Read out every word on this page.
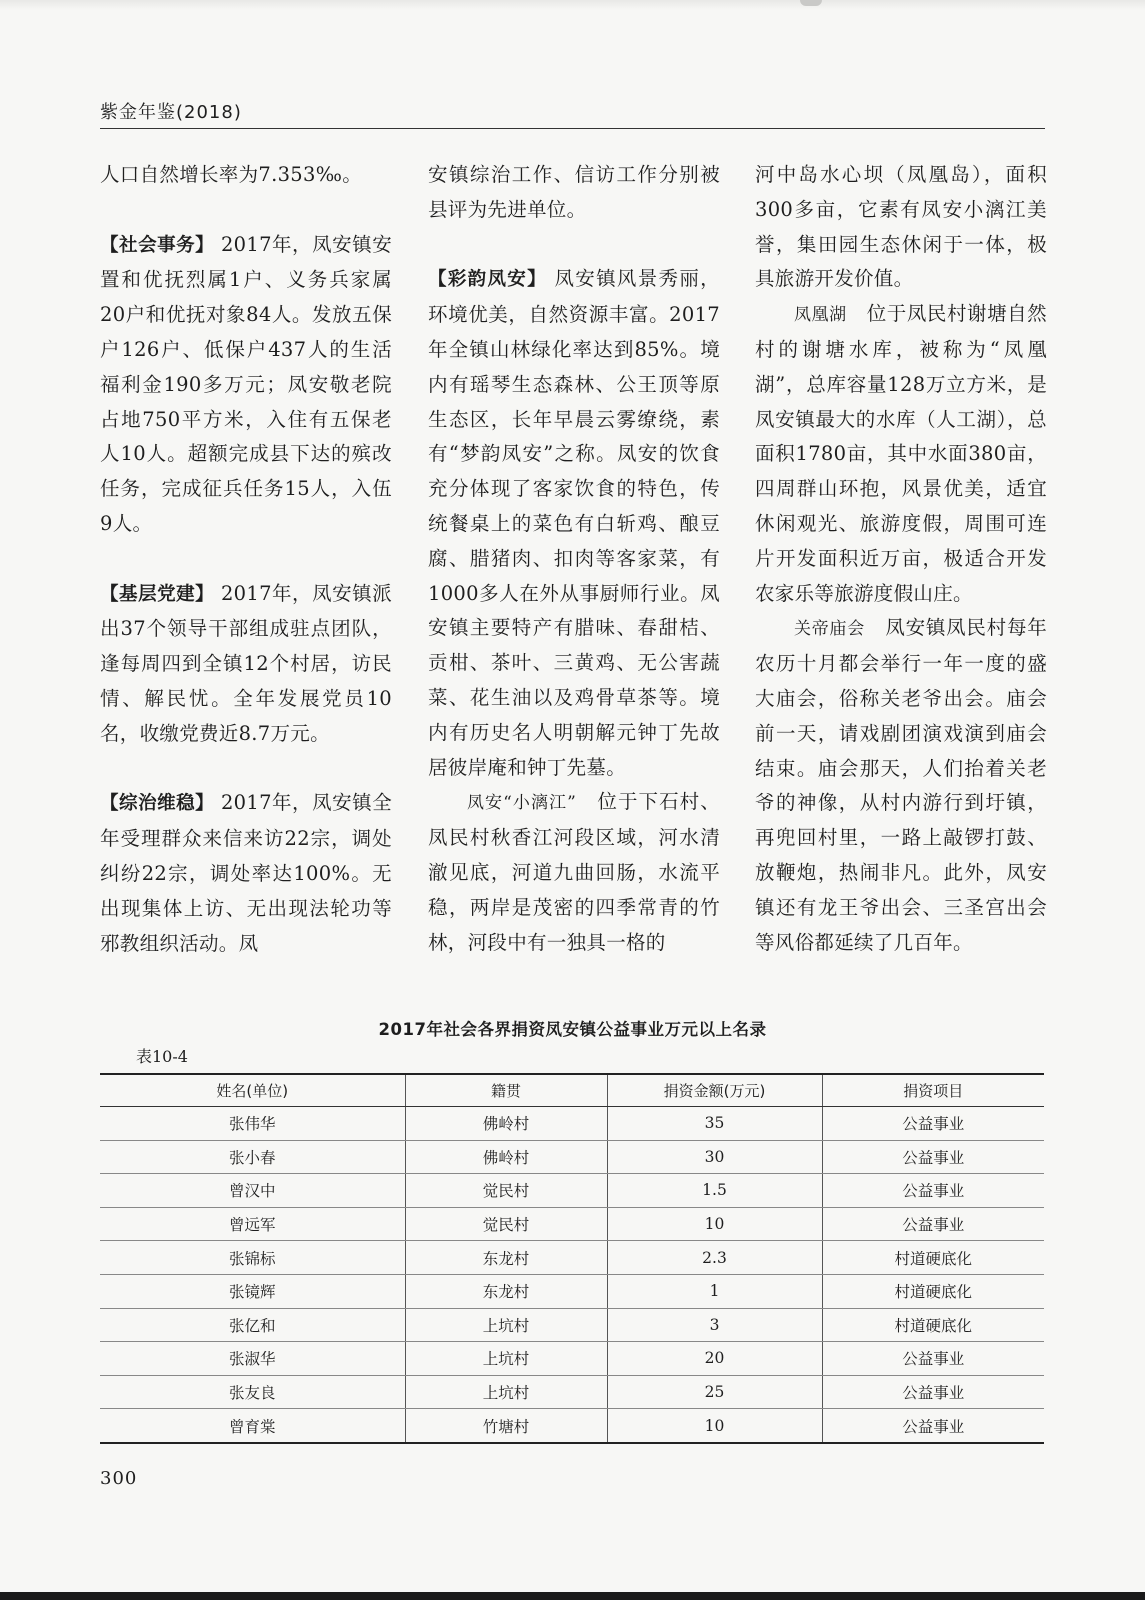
紫金年鉴(2018)

人口自然增长率为7.353‰。

【社会事务】 2017年，凤安镇安置和优抚烈属1户、义务兵家属20户和优抚对象84人。发放五保户126户、低保户437人的生活福利金190多万元；凤安敬老院占地750平方米，入住有五保老人10人。超额完成县下达的殡改任务，完成征兵任务15人，入伍9人。

【基层党建】 2017年，凤安镇派出37个领导干部组成驻点团队，逢每周四到全镇12个村居，访民情、解民忧。全年发展党员10名，收缴党费近8.7万元。

【综治维稳】 2017年，凤安镇全年受理群众来信来访22宗，调处纠纷22宗，调处率达100%。无出现集体上访、无出现法轮功等邪教组织活动。凤

安镇综治工作、信访工作分别被县评为先进单位。

【彩韵凤安】 凤安镇风景秀丽，环境优美，自然资源丰富。2017年全镇山林绿化率达到85%。境内有瑶琴生态森林、公王顶等原生态区，长年早晨云雾缭绕，素有“梦韵凤安”之称。凤安的饮食充分体现了客家饮食的特色，传统餐桌上的菜色有白斩鸡、酿豆腐、腊猪肉、扣肉等客家菜，有1000多人在外从事厨师行业。凤安镇主要特产有腊味、春甜桔、贡柑、茶叶、三黄鸡、无公害蔬菜、花生油以及鸡骨草茶等。境内有历史名人明朝解元钟丁先故居彼岸庵和钟丁先墓。

凤安“小漓江”　位于下石村、凤民村秋香江河段区域，河水清澈见底，河道九曲回肠，水流平稳，两岸是茂密的四季常青的竹林，河段中有一独具一格的

河中岛水心坝（凤凰岛），面积300多亩，它素有凤安小漓江美誉，集田园生态休闲于一体，极具旅游开发价值。

凤凰湖　位于凤民村谢塘自然村的谢塘水库，被称为“凤凰湖”，总库容量128万立方米，是凤安镇最大的水库（人工湖），总面积1780亩，其中水面380亩，四周群山环抱，风景优美，适宜休闲观光、旅游度假，周围可连片开发面积近万亩，极适合开发农家乐等旅游度假山庄。

关帝庙会　凤安镇凤民村每年农历十月都会举行一年一度的盛大庙会，俗称关老爷出会。庙会前一天，请戏剧团演戏演到庙会结束。庙会那天，人们抬着关老爷的神像，从村内游行到圩镇，再兜回村里，一路上敲锣打鼓、放鞭炮，热闹非凡。此外，凤安镇还有龙王爷出会、三圣宫出会等风俗都延续了几百年。

2017年社会各界捐资凤安镇公益事业万元以上名录
表10-4
姓名(单位)	籍贯	捐资金额(万元)	捐资项目
张伟华	佛岭村	35	公益事业
张小春	佛岭村	30	公益事业
曾汉中	觉民村	1.5	公益事业
曾远军	觉民村	10	公益事业
张锦标	东龙村	2.3	村道硬底化
张镜辉	东龙村	1	村道硬底化
张亿和	上坑村	3	村道硬底化
张淑华	上坑村	20	公益事业
张友良	上坑村	25	公益事业
曾育棠	竹塘村	10	公益事业
300
